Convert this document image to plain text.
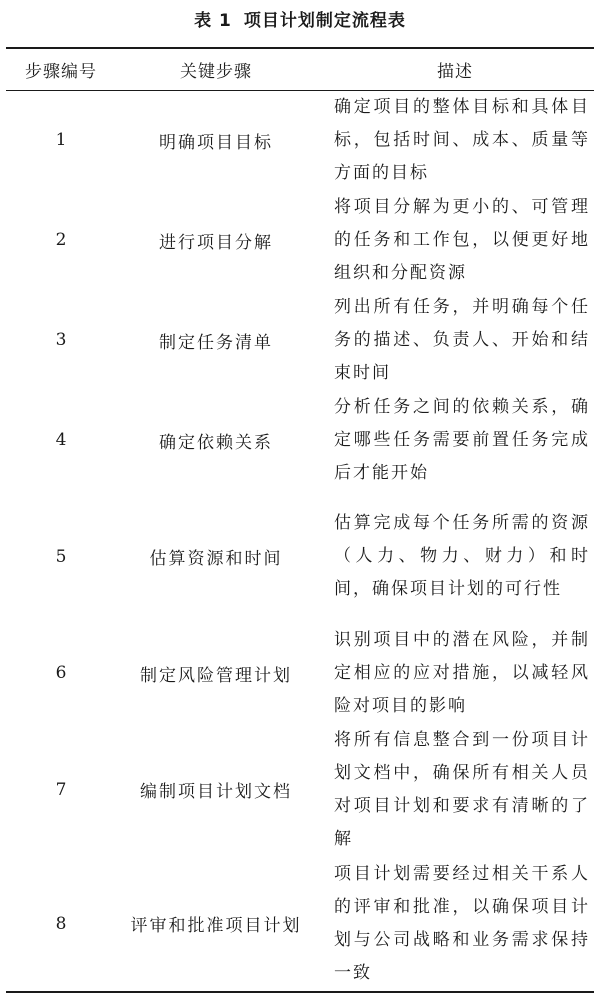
表 1 项目计划制定流程表
步骤编号	关键步骤	描述
1	明确项目目标	确定项目的整体目标和具体目标，包括时间、成本、质量等方面的目标
2	进行项目分解	将项目分解为更小的、可管理的任务和工作包，以便更好地组织和分配资源
3	制定任务清单	列出所有任务，并明确每个任务的描述、负责人、开始和结束时间
4	确定依赖关系	分析任务之间的依赖关系，确定哪些任务需要前置任务完成后才能开始
5	估算资源和时间	估算完成每个任务所需的资源（人力、物力、财力）和时间，确保项目计划的可行性
6	制定风险管理计划	识别项目中的潜在风险，并制定相应的应对措施，以减轻风险对项目的影响
7	编制项目计划文档	将所有信息整合到一份项目计划文档中，确保所有相关人员对项目计划和要求有清晰的了解
8	评审和批准项目计划	项目计划需要经过相关干系人的评审和批准，以确保项目计划与公司战略和业务需求保持一致
